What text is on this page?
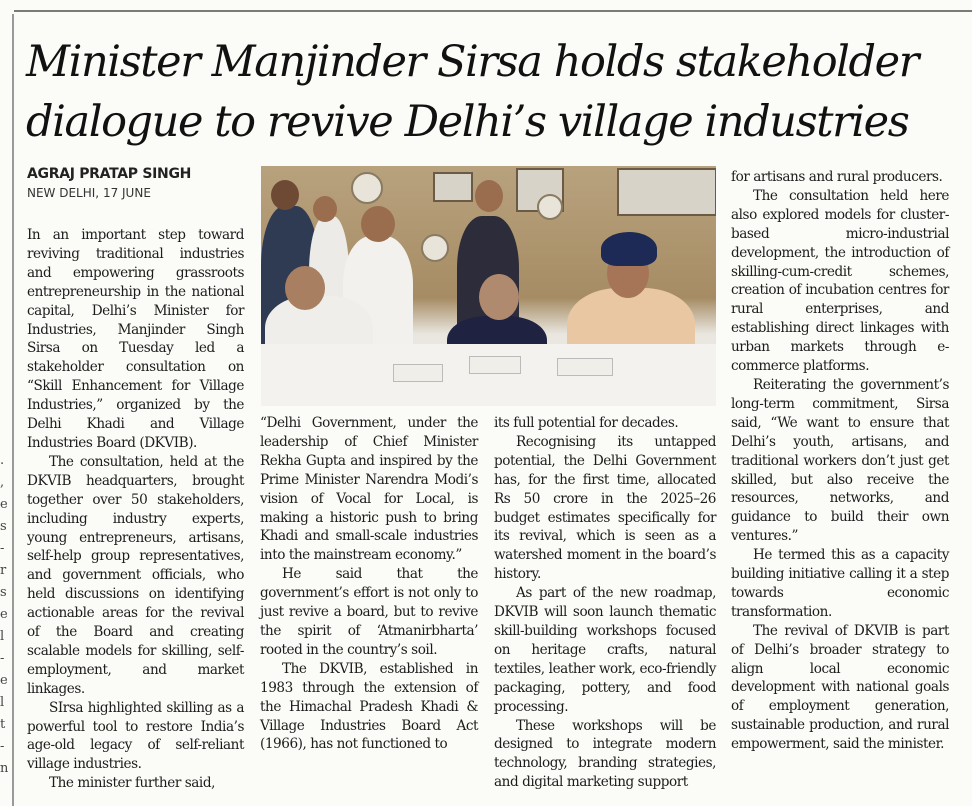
.
,
e
s
-
r
s
e
l
-
e
l
t
-
n
Minister Manjinder Sirsa holds stakeholder dialogue to revive Delhi’s village industries
AGRAJ PRATAP SINGH
NEW DELHI, 17 JUNE

In an important step toward reviving traditional industries and empowering grassroots entrepreneurship in the national capital, Delhi’s Minister for Industries, Manjinder Singh Sirsa on Tuesday led a stakeholder consultation on “Skill Enhancement for Village Industries,” organized by the Delhi Khadi and Village Industries Board (DKVIB).

The consultation, held at the DKVIB headquarters, brought together over 50 stakeholders, including industry experts, young entrepreneurs, artisans, self-help group representatives, and government officials, who held discussions on identifying actionable areas for the revival of the Board and creating scalable models for skilling, self-employment, and market linkages.

SIrsa highlighted skilling as a powerful tool to restore India’s age-old legacy of self-reliant village industries.

The minister further said,

“Delhi Government, under the leadership of Chief Minister Rekha Gupta and inspired by the Prime Minister Narendra Modi’s vision of Vocal for Local, is making a historic push to bring Khadi and small-scale industries into the mainstream economy.”

He said that the government’s effort is not only to just revive a board, but to revive the spirit of ‘Atmanirbharta’ rooted in the country’s soil.

The DKVIB, established in 1983 through the extension of the Himachal Pradesh Khadi & Village Industries Board Act (1966), has not functioned to

its full potential for decades.

Recognising its untapped potential, the Delhi Government has, for the first time, allocated Rs 50 crore in the 2025–26 budget estimates specifically for its revival, which is seen as a watershed moment in the board’s history.

As part of the new roadmap, DKVIB will soon launch thematic skill-building workshops focused on heritage crafts, natural textiles, leather work, eco-friendly packaging, pottery, and food processing.

These workshops will be designed to integrate modern technology, branding strategies, and digital marketing support

for artisans and rural producers.

The consultation held here also explored models for cluster-based micro-industrial development, the introduction of skilling-cum-credit schemes, creation of incubation centres for rural enterprises, and establishing direct linkages with urban markets through e-commerce platforms.

Reiterating the government’s long-term commitment, Sirsa said, “We want to ensure that Delhi’s youth, artisans, and traditional workers don’t just get skilled, but also receive the resources, networks, and guidance to build their own ventures.”

He termed this as a capacity building initiative calling it a step towards economic transformation.

The revival of DKVIB is part of Delhi’s broader strategy to align local economic development with national goals of employment generation, sustainable production, and rural empowerment, said the minister.
